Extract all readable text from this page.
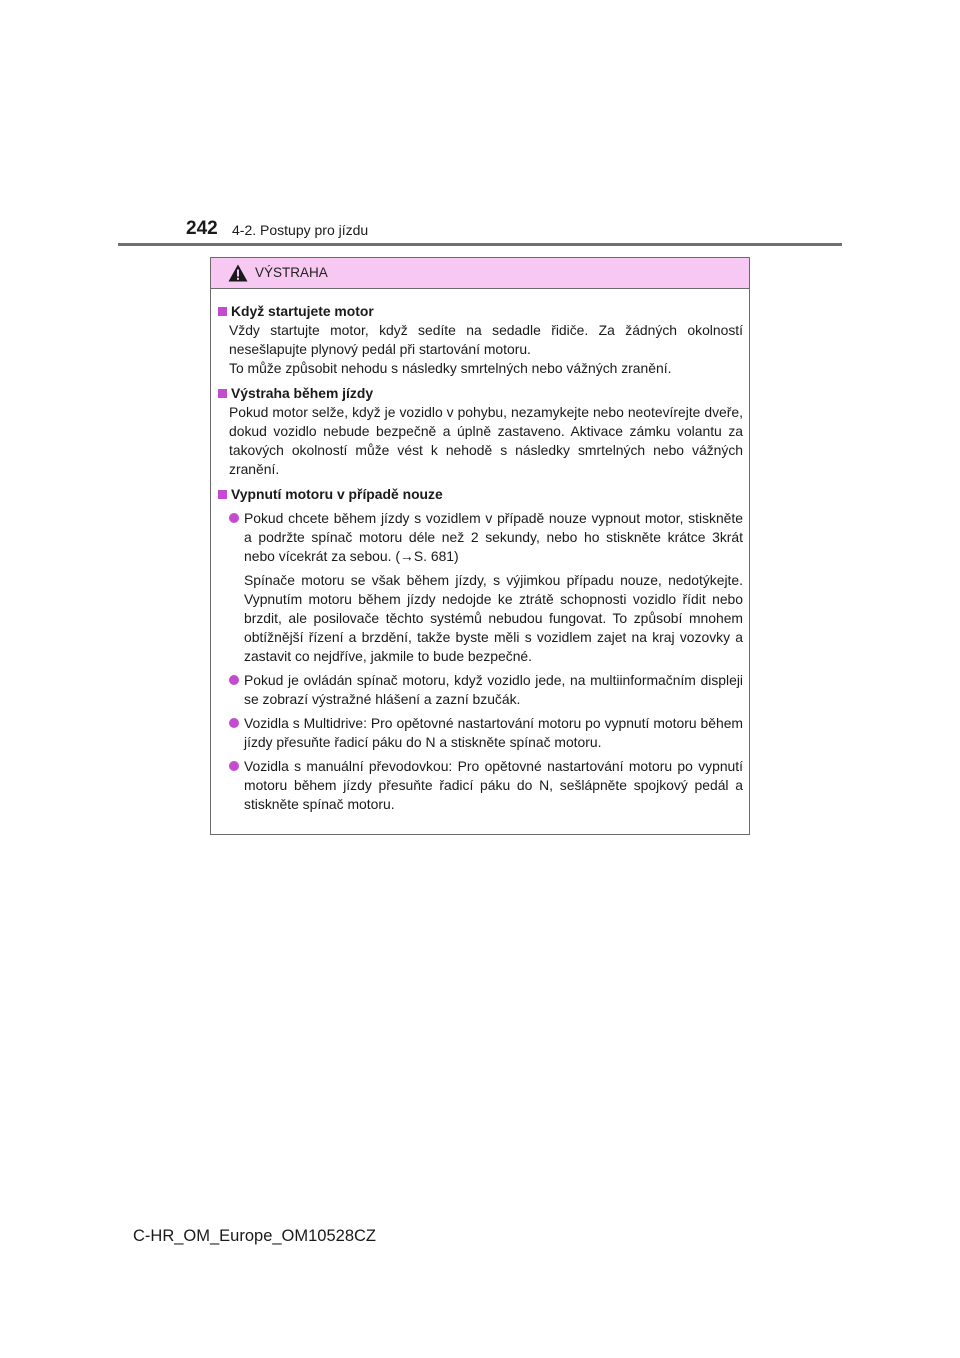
242 4-2. Postupy pro jízdu
VÝSTRAHA
Když startujete motor
Vždy startujte motor, když sedíte na sedadle řidiče. Za žádných okolností nesešlapujte plynový pedál při startování motoru.
To může způsobit nehodu s následky smrtelných nebo vážných zranění.
Výstraha během jízdy
Pokud motor selže, když je vozidlo v pohybu, nezamykejte nebo neotevírejte dveře, dokud vozidlo nebude bezpečně a úplně zastaveno. Aktivace zámku volantu za takových okolností může vést k nehodě s následky smrtelných nebo vážných zranění.
Vypnutí motoru v případě nouze
Pokud chcete během jízdy s vozidlem v případě nouze vypnout motor, stiskněte a podržte spínač motoru déle než 2 sekundy, nebo ho stiskněte krátce 3krát nebo vícekrát za sebou. (→S. 681)
Spínače motoru se však během jízdy, s výjimkou případu nouze, nedotýkejte. Vypnutím motoru během jízdy nedojde ke ztrátě schopnosti vozidlo řídit nebo brzdit, ale posilovače těchto systémů nebudou fungovat. To způsobí mnohem obtížnější řízení a brzdění, takže byste měli s vozidlem zajet na kraj vozovky a zastavit co nejdříve, jakmile to bude bezpečné.
Pokud je ovládán spínač motoru, když vozidlo jede, na multiinformačním displeji se zobrazí výstražné hlášení a zazní bzučák.
Vozidla s Multidrive: Pro opětovné nastartování motoru po vypnutí motoru během jízdy přesuňte řadicí páku do N a stiskněte spínač motoru.
Vozidla s manuální převodovkou: Pro opětovné nastartování motoru po vypnutí motoru během jízdy přesuňte řadicí páku do N, sešlápněte spojkový pedál a stiskněte spínač motoru.
C-HR_OM_Europe_OM10528CZ
